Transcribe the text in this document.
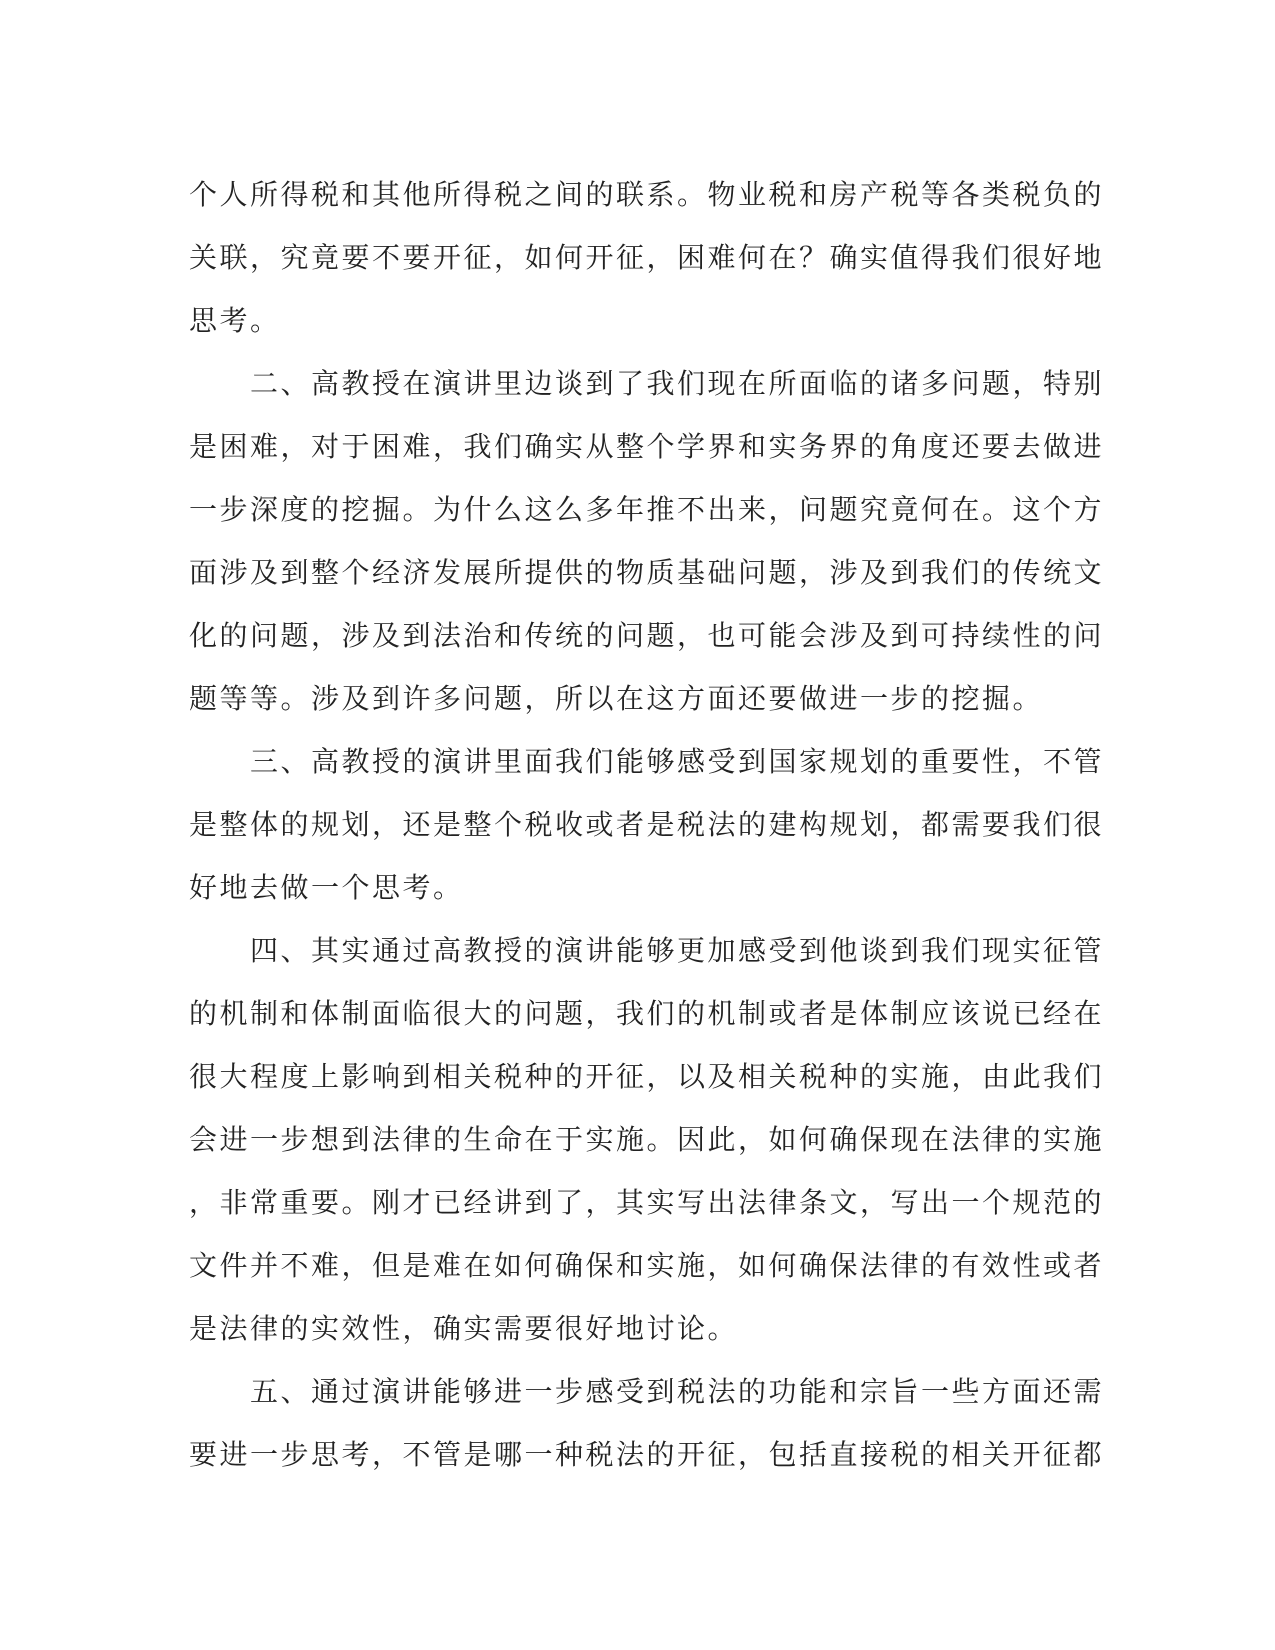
个人所得税和其他所得税之间的联系。物业税和房产税等各类税负的
关联，究竟要不要开征，如何开征，困难何在？确实值得我们很好地
思考。
　　二、高教授在演讲里边谈到了我们现在所面临的诸多问题，特别
是困难，对于困难，我们确实从整个学界和实务界的角度还要去做进
一步深度的挖掘。为什么这么多年推不出来，问题究竟何在。这个方
面涉及到整个经济发展所提供的物质基础问题，涉及到我们的传统文
化的问题，涉及到法治和传统的问题，也可能会涉及到可持续性的问
题等等。涉及到许多问题，所以在这方面还要做进一步的挖掘。
　　三、高教授的演讲里面我们能够感受到国家规划的重要性，不管
是整体的规划，还是整个税收或者是税法的建构规划，都需要我们很
好地去做一个思考。
　　四、其实通过高教授的演讲能够更加感受到他谈到我们现实征管
的机制和体制面临很大的问题，我们的机制或者是体制应该说已经在
很大程度上影响到相关税种的开征，以及相关税种的实施，由此我们
会进一步想到法律的生命在于实施。因此，如何确保现在法律的实施
，非常重要。刚才已经讲到了，其实写出法律条文，写出一个规范的
文件并不难，但是难在如何确保和实施，如何确保法律的有效性或者
是法律的实效性，确实需要很好地讨论。
　　五、通过演讲能够进一步感受到税法的功能和宗旨一些方面还需
要进一步思考，不管是哪一种税法的开征，包括直接税的相关开征都
